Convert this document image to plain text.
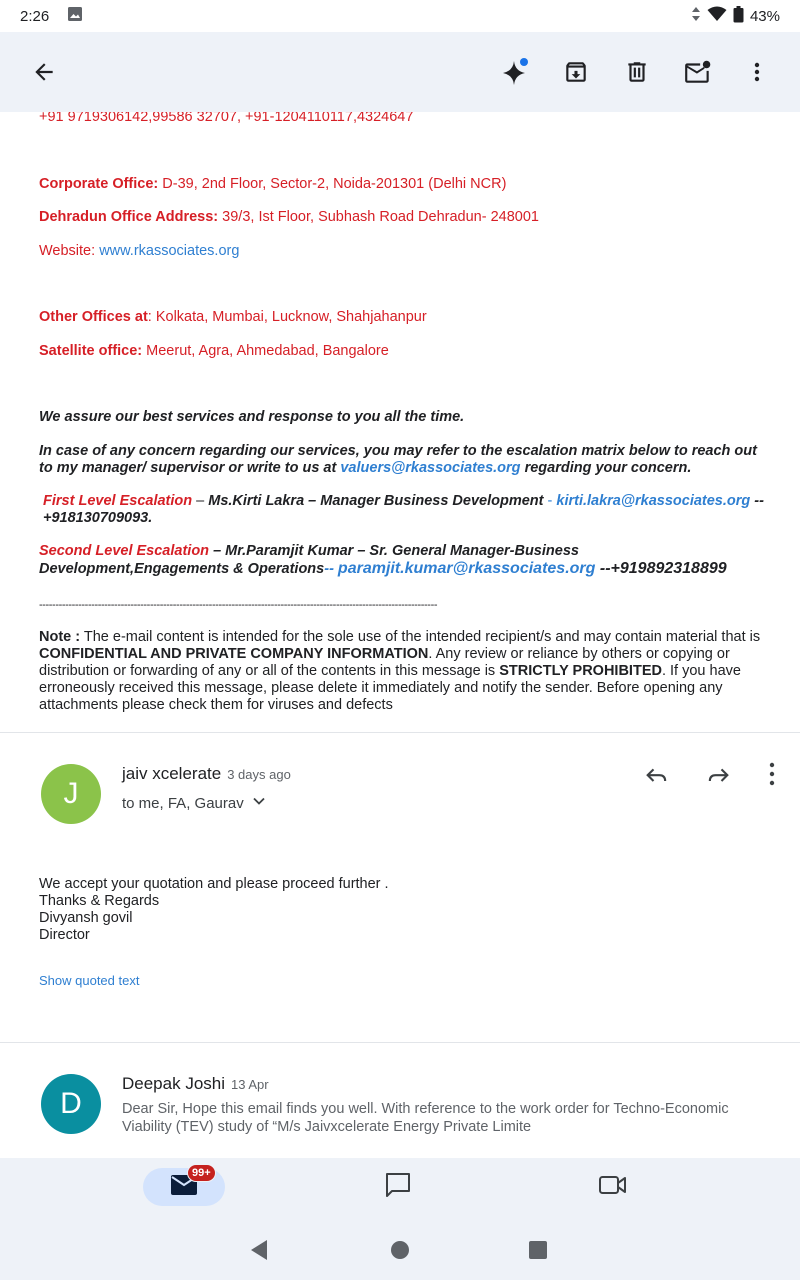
2:26	43%
+91 9719306142,99586 32707, +91-1204110117,4324647
Corporate Office: D-39, 2nd Floor, Sector-2, Noida-201301 (Delhi NCR)
Dehradun Office Address: 39/3, Ist Floor, Subhash Road Dehradun- 248001
Website: www.rkassociates.org
Other Offices at: Kolkata, Mumbai, Lucknow, Shahjahanpur
Satellite office: Meerut, Agra, Ahmedabad, Bangalore
We assure our best services and response to you all the time.
In case of any concern regarding our services, you may refer to the escalation matrix below to reach out to my manager/ supervisor or write to us at valuers@rkassociates.org regarding your concern.
First Level Escalation – Ms.Kirti Lakra – Manager Business Development - kirti.lakra@rkassociates.org --+918130709093.
Second Level Escalation – Mr.Paramjit Kumar – Sr. General Manager-Business Development,Engagements & Operations-- paramjit.kumar@rkassociates.org --+919892318899
--------------------------------------------------------------------------------------------------------------------------
Note : The e-mail content is intended for the sole use of the intended recipient/s and may contain material that is CONFIDENTIAL AND PRIVATE COMPANY INFORMATION. Any review or reliance by others or copying or distribution or forwarding of any or all of the contents in this message is STRICTLY PROHIBITED. If you have erroneously received this message, please delete it immediately and notify the sender. Before opening any attachments please check them for viruses and defects
J
jaiv xcelerate 3 days ago
to me, FA, Gaurav
We accept your quotation and please proceed further .
Thanks & Regards
Divyansh govil
Director
Show quoted text
D
Deepak Joshi 13 Apr
Dear Sir, Hope this email finds you well. With reference to the work order for Techno-Economic Viability (TEV) study of “M/s Jaivxcelerate Energy Private Limite
99+
